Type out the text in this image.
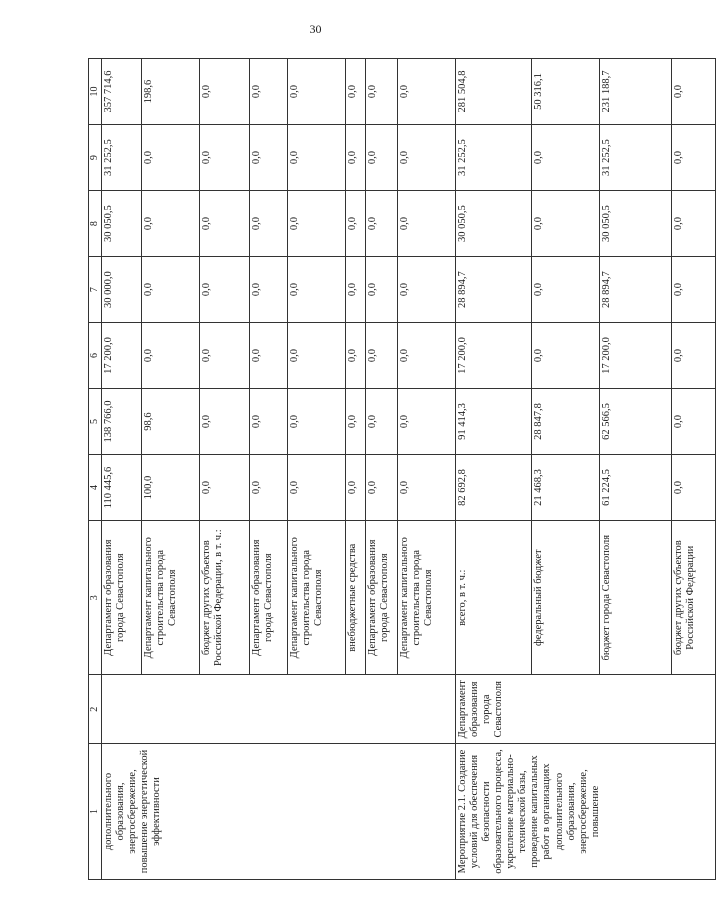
30
1	2	3	4	5	6	7	8	9	10
дополнительного образования, энергосбережение, повышение энергетической эффективности		Департамент образования города Севастополя	110 445,6	138 766,0	17 200,0	30 000,0	30 050,5	31 252,5	357 714,6
		Департамент капитального строительства города Севастополя	100,0	98,6	0,0	0,0	0,0	0,0	198,6
		бюджет других субъектов Российской Федерации, в т. ч.:	0,0	0,0	0,0	0,0	0,0	0,0	0,0
		Департамент образования города Севастополя	0,0	0,0	0,0	0,0	0,0	0,0	0,0
		Департамент капитального строительства города Севастополя	0,0	0,0	0,0	0,0	0,0	0,0	0,0
		внебюджетные средства	0,0	0,0	0,0	0,0	0,0	0,0	0,0
		Департамент образования города Севастополя	0,0	0,0	0,0	0,0	0,0	0,0	0,0
		Департамент капитального строительства города Севастополя	0,0	0,0	0,0	0,0	0,0	0,0	0,0
Мероприятие 2.1. Создание условий для обеспечения безопасности образовательного процесса, укрепление материально-технической базы, проведение капитальных работ в организациях дополнительного образования, энергосбережение, повышение	Департамент образования города Севастополя	всего, в т. ч.:	82 692,8	91 414,3	17 200,0	28 894,7	30 050,5	31 252,5	281 504,8
		федеральный бюджет	21 468,3	28 847,8	0,0	0,0	0,0	0,0	50 316,1
		бюджет города Севастополя	61 224,5	62 566,5	17 200,0	28 894,7	30 050,5	31 252,5	231 188,7
		бюджет других субъектов Российской Федерации	0,0	0,0	0,0	0,0	0,0	0,0	0,0
